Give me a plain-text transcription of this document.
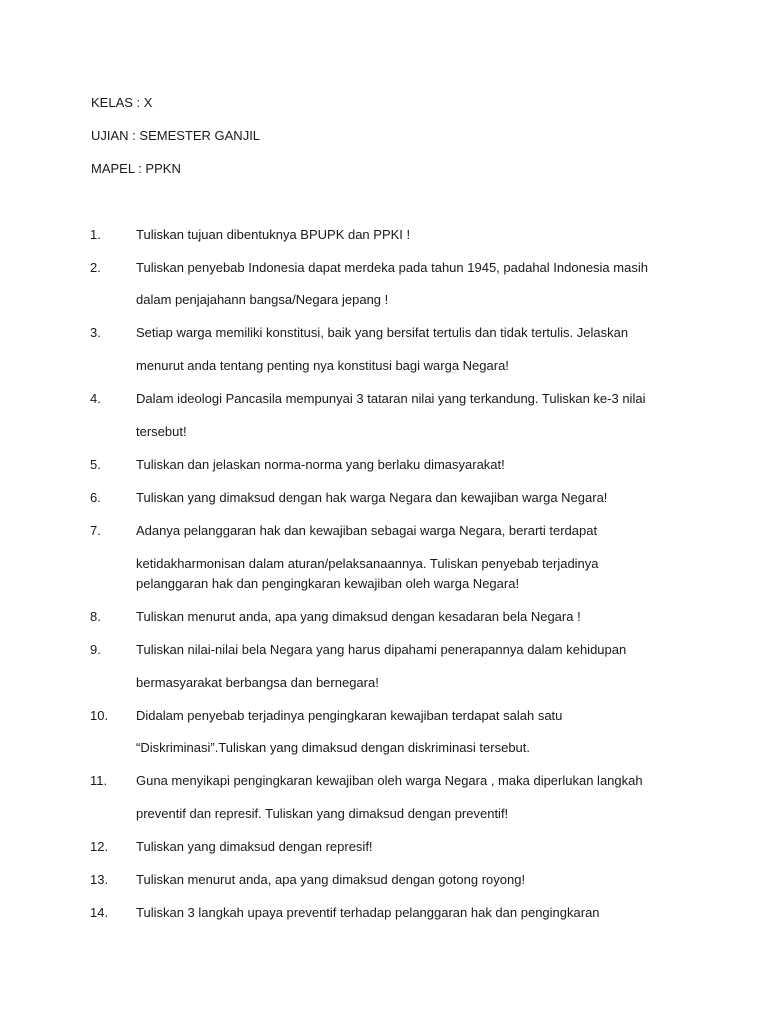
KELAS : X
UJIAN : SEMESTER GANJIL
MAPEL : PPKN
1.	Tuliskan tujuan dibentuknya BPUPK dan PPKI !
2.	Tuliskan penyebab Indonesia dapat merdeka pada tahun 1945, padahal Indonesia masih
dalam penjajahann bangsa/Negara jepang !
3.	Setiap warga memiliki konstitusi, baik yang bersifat tertulis dan tidak tertulis. Jelaskan
menurut anda tentang penting nya konstitusi bagi warga Negara!
4.	Dalam ideologi Pancasila mempunyai 3 tataran nilai yang terkandung. Tuliskan ke-3 nilai
tersebut!
5.	Tuliskan dan jelaskan norma-norma yang berlaku dimasyarakat!
6.	Tuliskan yang dimaksud dengan hak warga Negara dan kewajiban warga Negara!
7.	Adanya pelanggaran hak dan kewajiban sebagai warga Negara, berarti terdapat
ketidakharmonisan dalam aturan/pelaksanaannya. Tuliskan penyebab terjadinya
pelanggaran hak dan pengingkaran kewajiban oleh warga Negara!
8.	Tuliskan menurut anda, apa yang dimaksud dengan kesadaran bela Negara !
9.	Tuliskan nilai-nilai bela Negara yang harus dipahami penerapannya dalam kehidupan
bermasyarakat berbangsa dan bernegara!
10. Didalam penyebab terjadinya pengingkaran kewajiban terdapat salah satu
“Diskriminasi”.Tuliskan yang dimaksud dengan diskriminasi tersebut.
11. Guna menyikapi pengingkaran kewajiban oleh warga Negara , maka diperlukan langkah
preventif dan represif. Tuliskan yang dimaksud dengan preventif!
12. Tuliskan yang dimaksud dengan represif!
13. Tuliskan menurut anda, apa yang dimaksud dengan gotong royong!
14. Tuliskan 3 langkah upaya preventif terhadap pelanggaran hak dan pengingkaran
